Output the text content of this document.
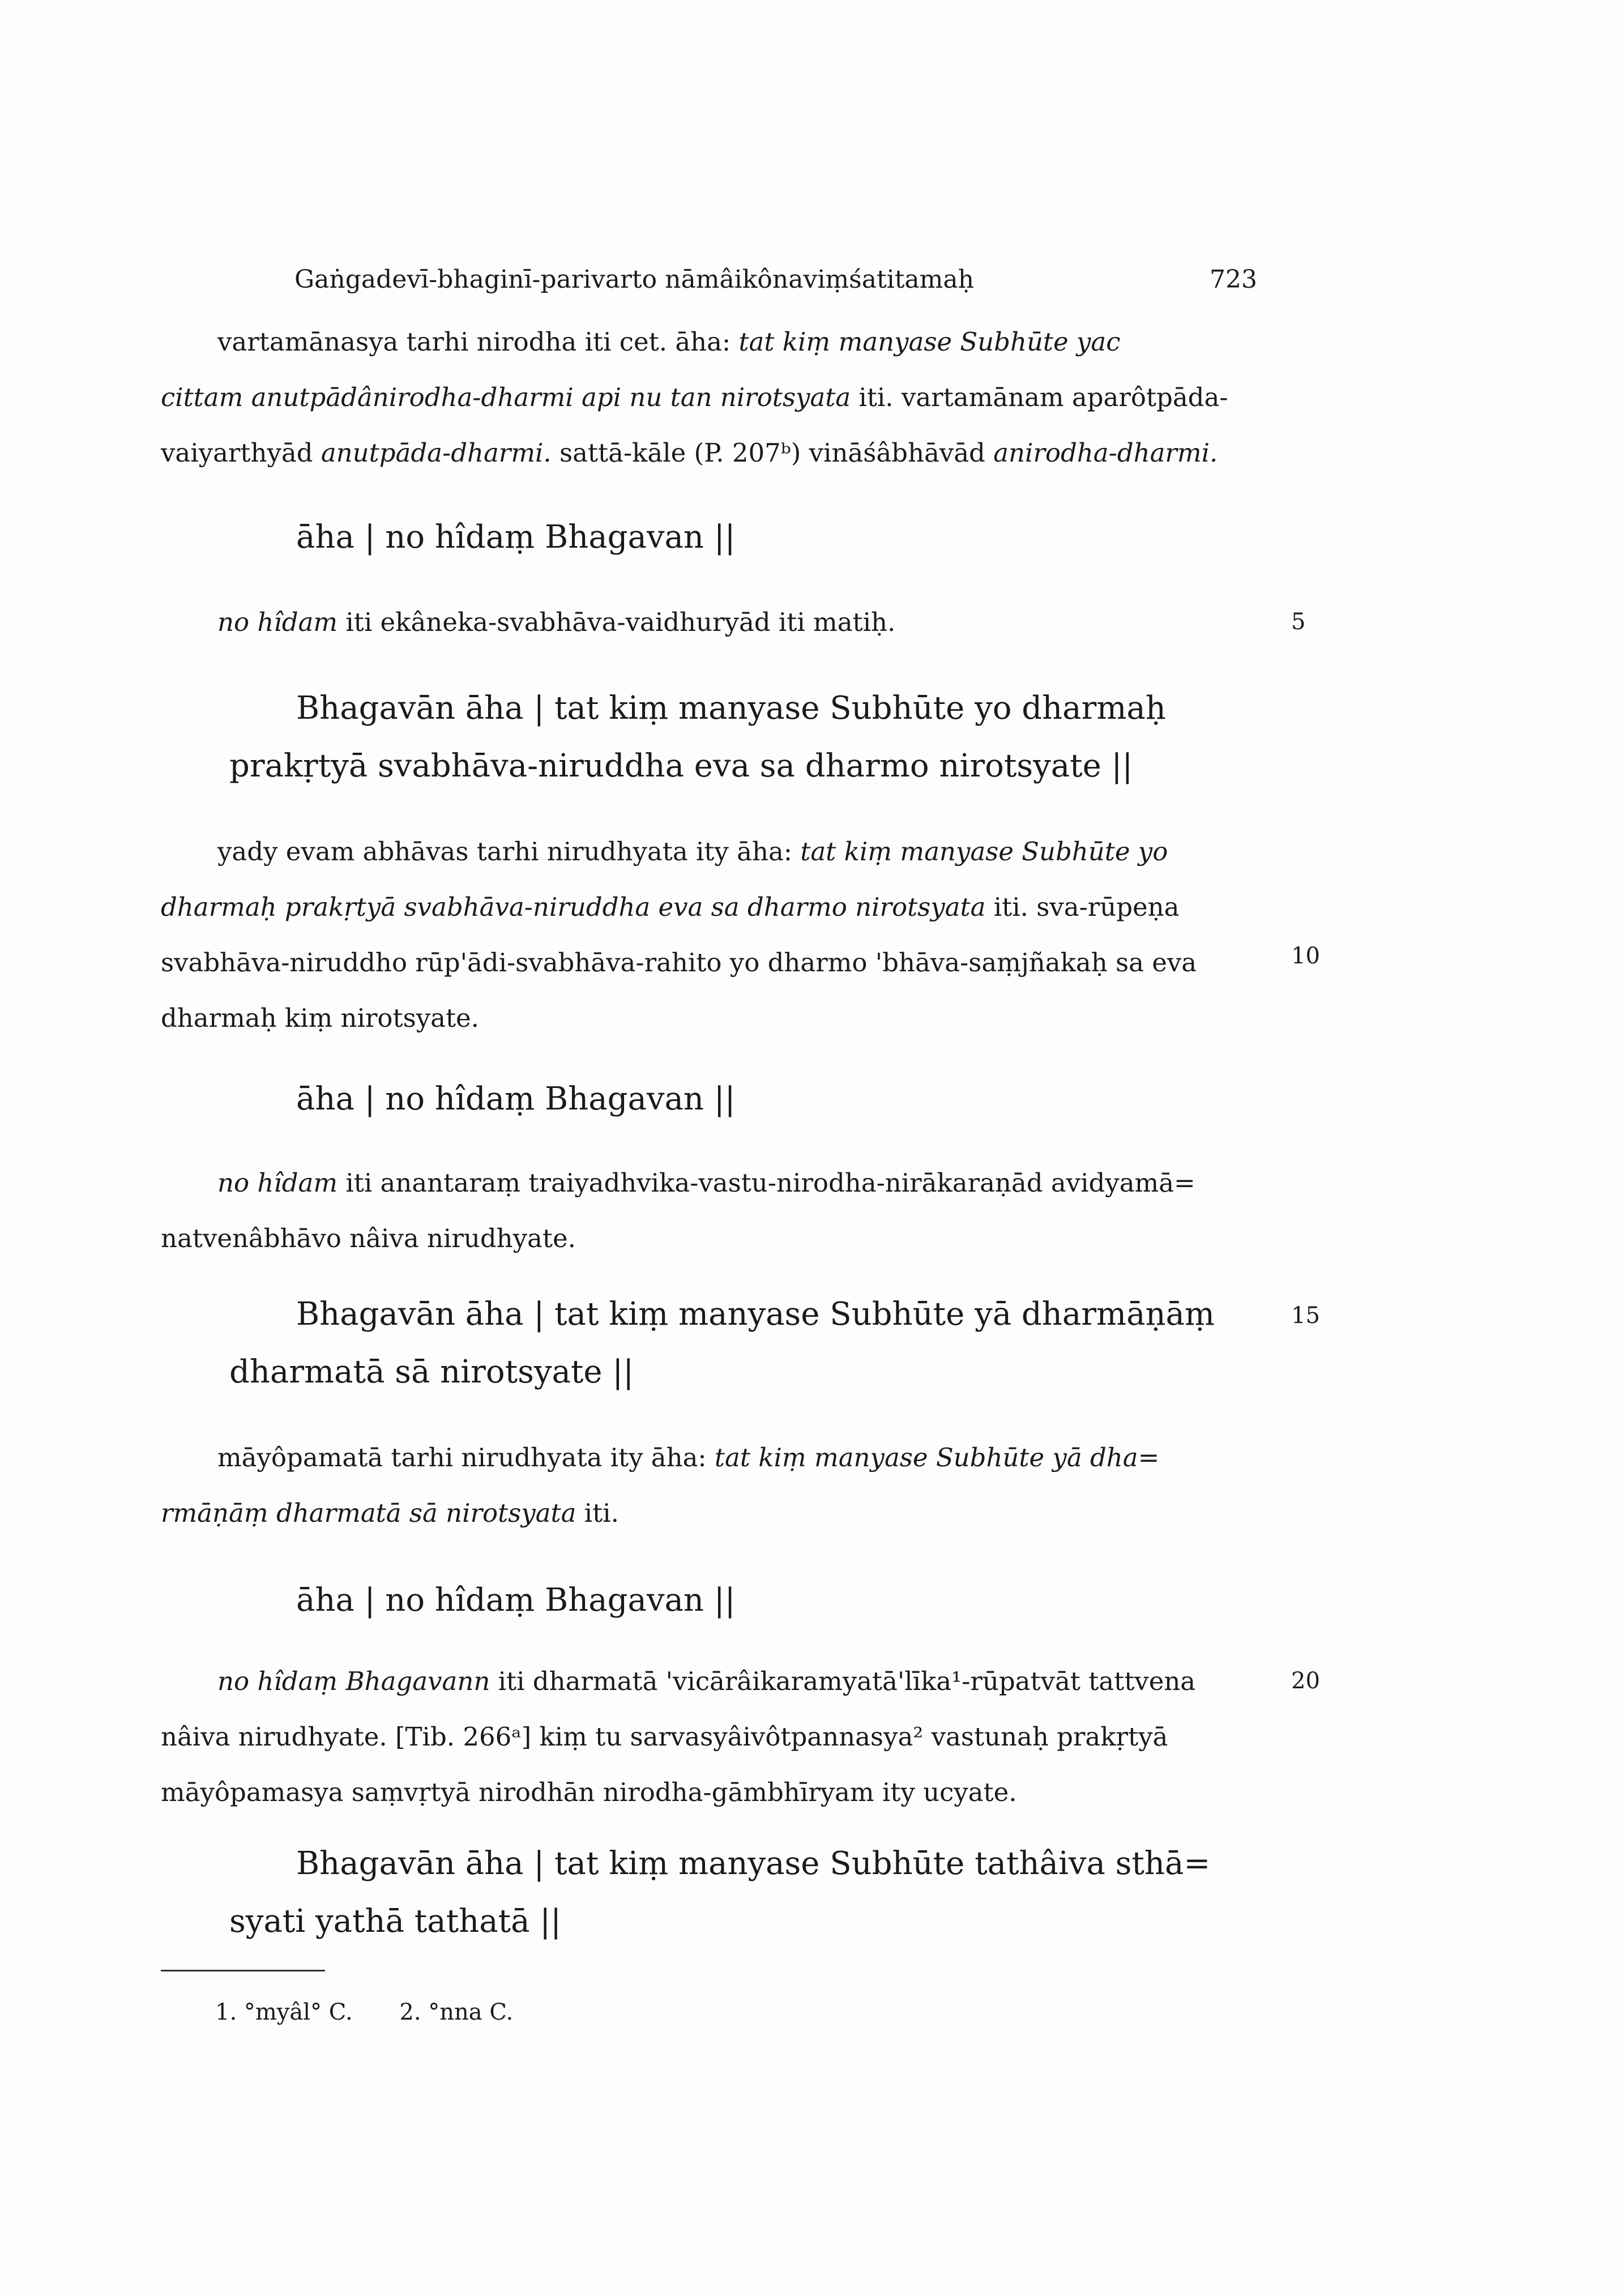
Gaṅgadevī-bhaginī-parivarto nāmâikônaviṃśatitamaḥ	723

vartamānasya tarhi nirodha iti cet. āha: tat kiṃ manyase Subhūte yac

cittam anutpādânirodha-dharmi api nu tan nirotsyata iti. vartamānam aparôtpāda-

vaiyarthyād anutpāda-dharmi. sattā-kāle (P. 207ᵇ) vināśâbhāvād anirodha-dharmi.

āha | no hîdaṃ Bhagavan ||

no hîdam iti ekâneka-svabhāva-vaidhuryād iti matiḥ.	5
Bhagavān āha | tat kiṃ manyase Subhūte yo dharmaḥ
prakṛtyā svabhāva-niruddha eva sa dharmo nirotsyate ||

yady evam abhāvas tarhi nirudhyata ity āha: tat kiṃ manyase Subhūte yo

dharmaḥ prakṛtyā svabhāva-niruddha eva sa dharmo nirotsyata iti. sva-rūpeṇa

svabhāva-niruddho rūp'ādi-svabhāva-rahito yo dharmo 'bhāva-saṃjñakaḥ sa eva

dharmaḥ kiṃ nirotsyate.

10
āha | no hîdaṃ Bhagavan ||

no hîdam iti anantaraṃ traiyadhvika-vastu-nirodha-nirākaraṇād avidyamā=

natvenâbhāvo nâiva nirudhyate.

Bhagavān āha | tat kiṃ manyase Subhūte yā dharmāṇāṃ
dharmatā sā nirotsyate ||
15

māyôpamatā tarhi nirudhyata ity āha: tat kiṃ manyase Subhūte yā dha=

rmāṇāṃ dharmatā sā nirotsyata iti.

āha | no hîdaṃ Bhagavan ||

no hîdaṃ Bhagavann iti dharmatā 'vicārâikaramyatā'līka¹-rūpatvāt tattvena

nâiva nirudhyate. [Tib. 266ᵃ] kiṃ tu sarvasyâivôtpannasya² vastunaḥ prakṛtyā

māyôpamasya saṃvṛtyā nirodhān nirodha-gāmbhīryam ity ucyate.

20
Bhagavān āha | tat kiṃ manyase Subhūte tathâiva sthā=
syati yathā tathatā ||
1. °myâl° C. 2. °nna C.
